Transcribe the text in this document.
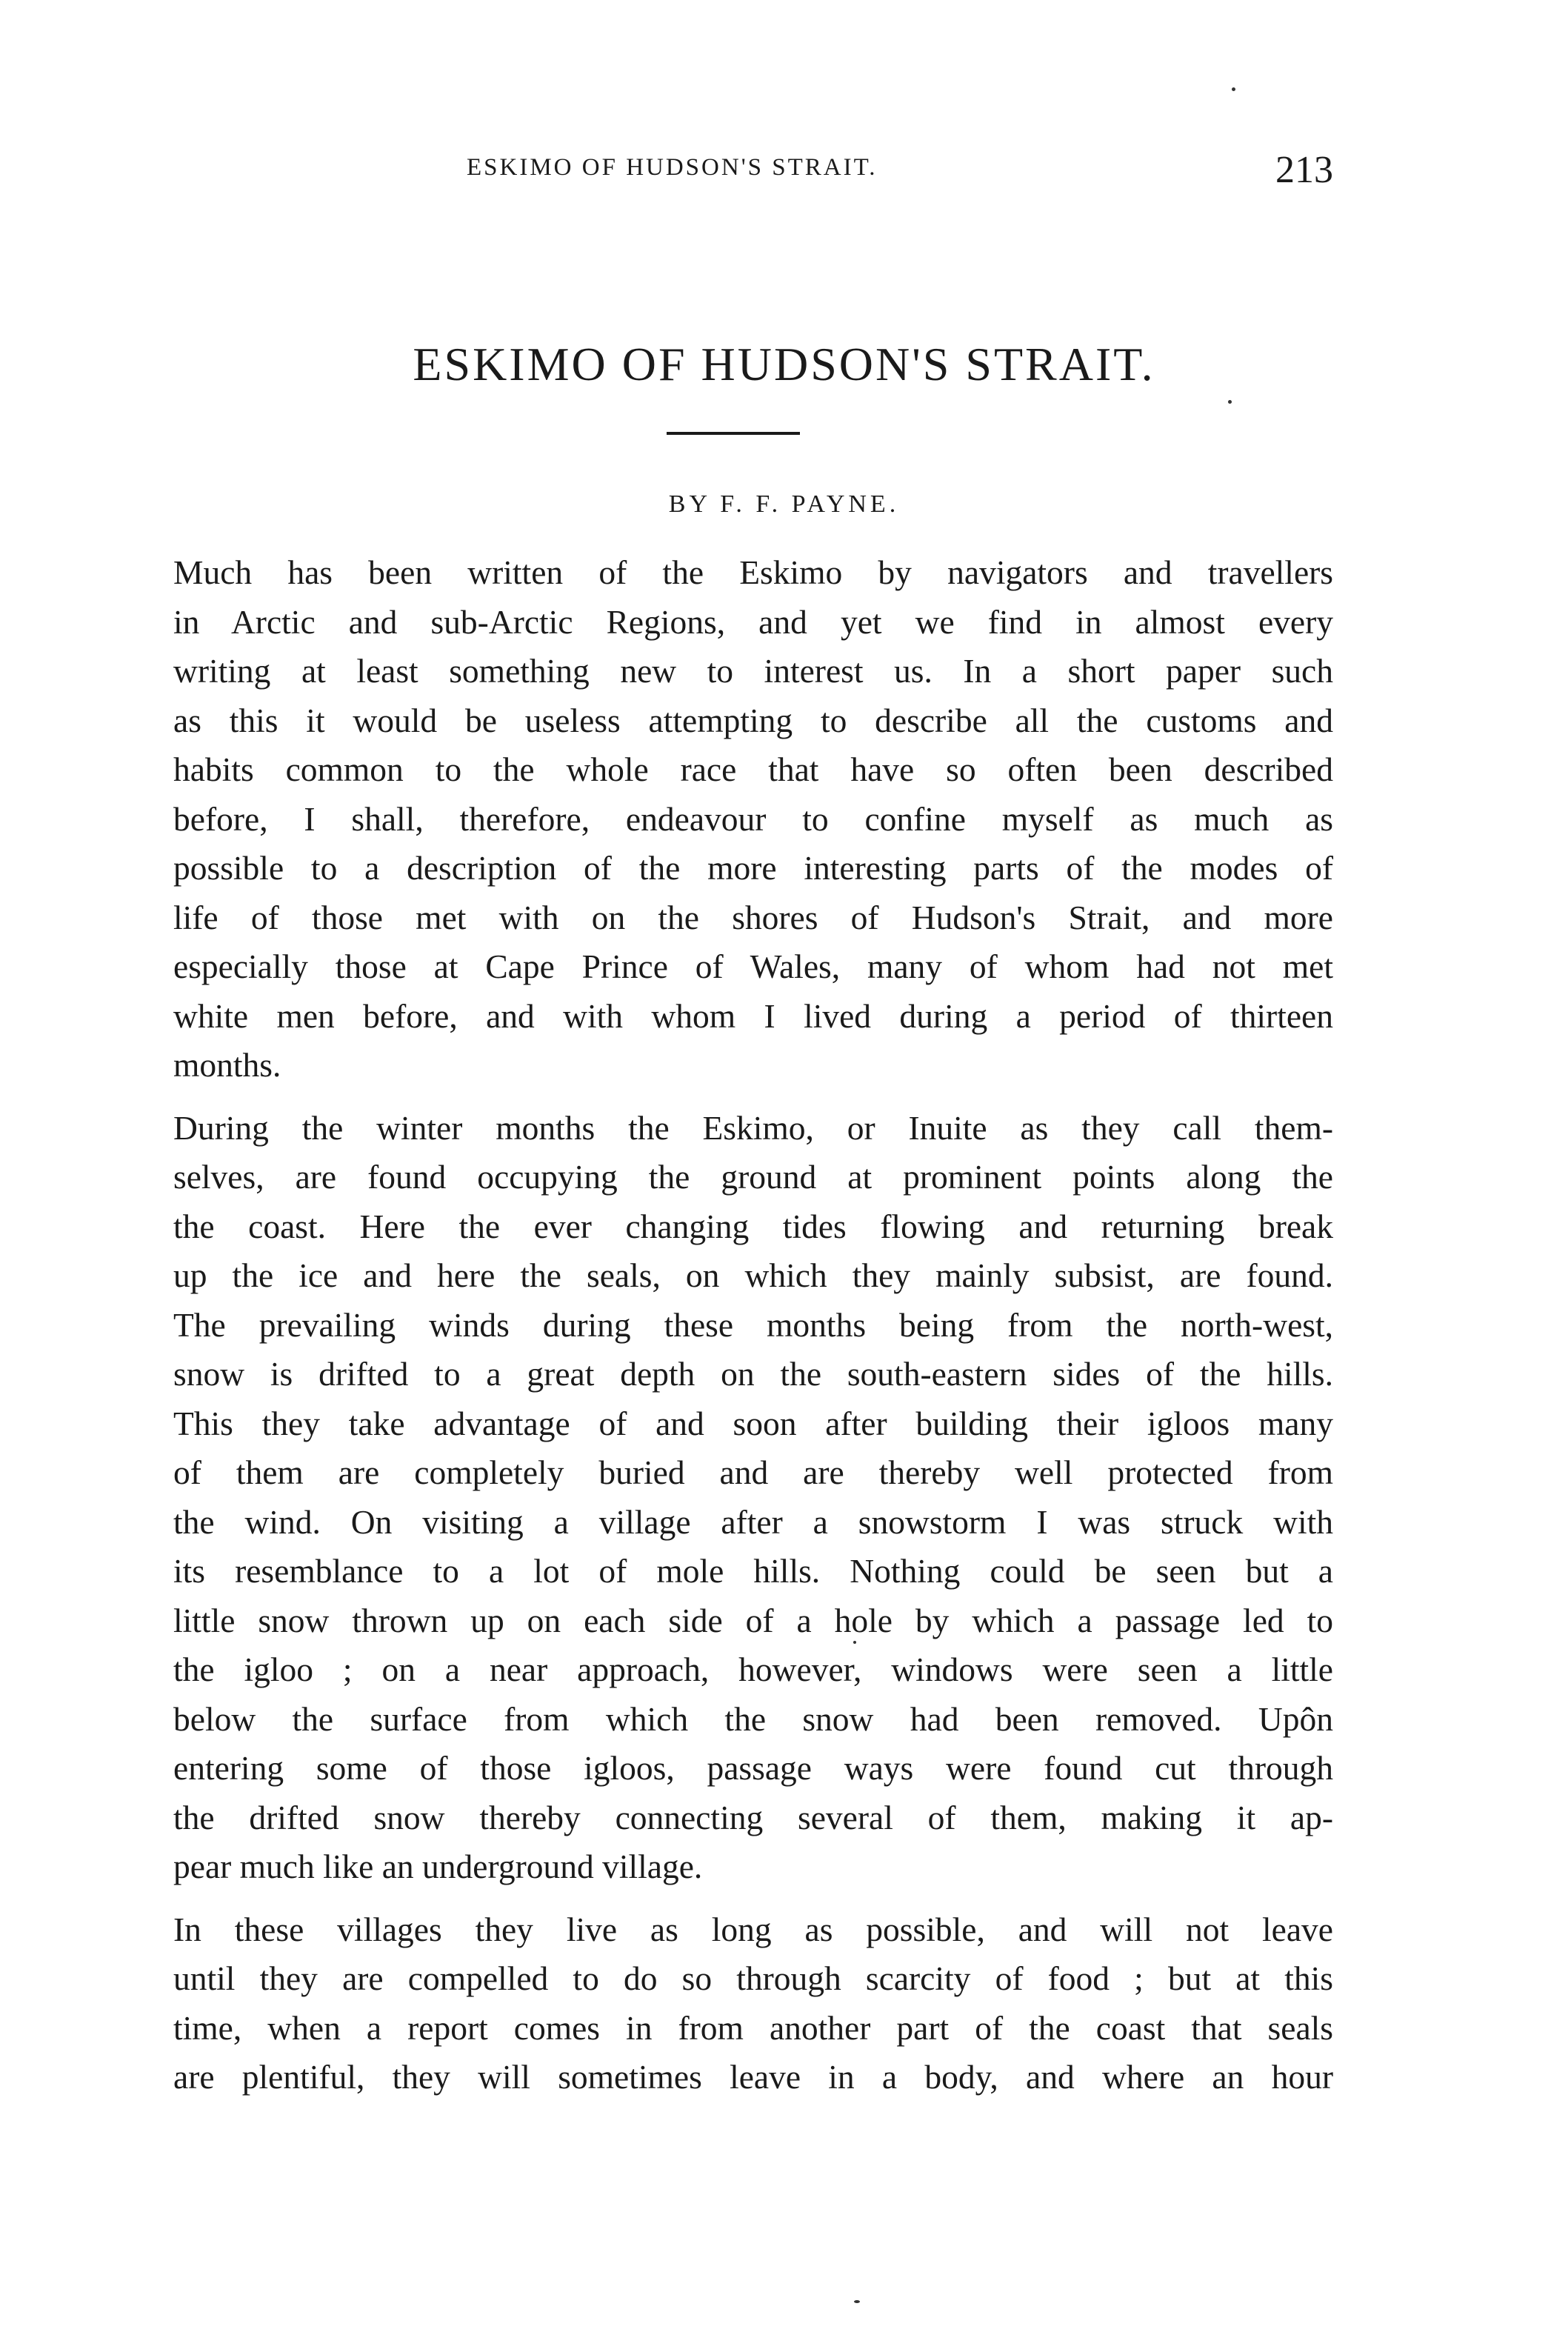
ESKIMO OF HUDSON'S STRAIT.	213
ESKIMO OF HUDSON'S STRAIT.
BY F. F. PAYNE.
Much has been written of the Eskimo by navigators and travellers
in Arctic and sub-Arctic Regions, and yet we find in almost every
writing at least something new to interest us. In a short paper such
as this it would be useless attempting to describe all the customs and
habits common to the whole race that have so often been described
before, I shall, therefore, endeavour to confine myself as much as
possible to a description of the more interesting parts of the modes of
life of those met with on the shores of Hudson's Strait, and more
especially those at Cape Prince of Wales, many of whom had not met
white men before, and with whom I lived during a period of thirteen
months.
During the winter months the Eskimo, or Inuite as they call them-
selves, are found occupying the ground at prominent points along the
the coast. Here the ever changing tides flowing and returning break
up the ice and here the seals, on which they mainly subsist, are found.
The prevailing winds during these months being from the north-west,
snow is drifted to a great depth on the south-eastern sides of the hills.
This they take advantage of and soon after building their igloos many
of them are completely buried and are thereby well protected from
the wind. On visiting a village after a snowstorm I was struck with
its resemblance to a lot of mole hills. Nothing could be seen but a
little snow thrown up on each side of a hole by which a passage led to
the igloo ; on a near approach, however, windows were seen a little
below the surface from which the snow had been removed. Upôn
entering some of those igloos, passage ways were found cut through
the drifted snow thereby connecting several of them, making it ap-
pear much like an underground village.
In these villages they live as long as possible, and will not leave
until they are compelled to do so through scarcity of food ; but at this
time, when a report comes in from another part of the coast that seals
are plentiful, they will sometimes leave in a body, and where an hour
